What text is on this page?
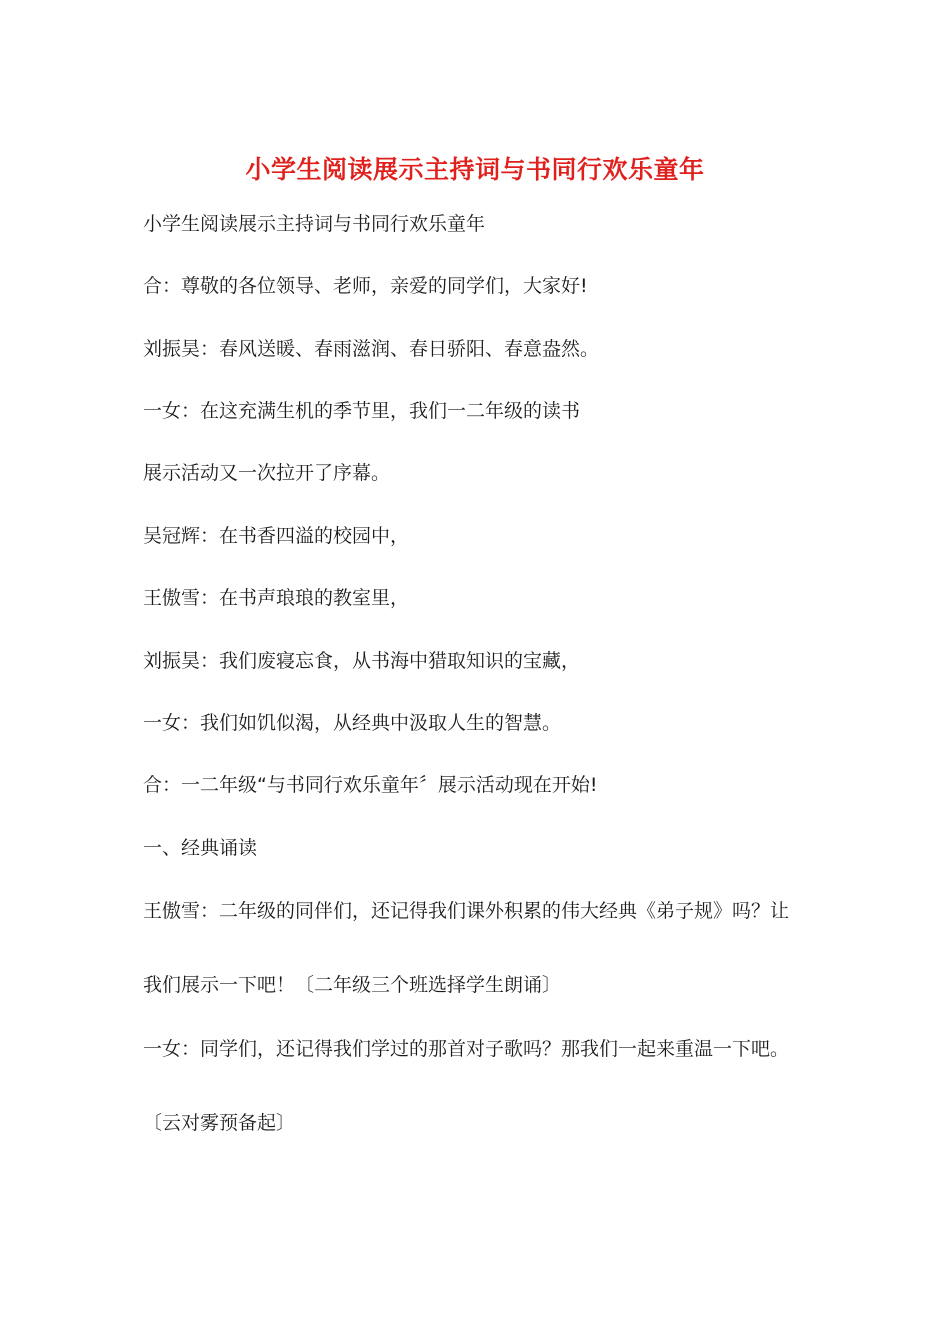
小学生阅读展示主持词与书同行欢乐童年
小学生阅读展示主持词与书同行欢乐童年
合：尊敬的各位领导、老师，亲爱的同学们，大家好!
刘振昊：春风送暖、春雨滋润、春日骄阳、春意盎然。
一女：在这充满生机的季节里，我们一二年级的读书
展示活动又一次拉开了序幕。
吴冠辉：在书香四溢的校园中，
王傲雪：在书声琅琅的教室里，
刘振昊：我们废寝忘食，从书海中猎取知识的宝藏，
一女：我们如饥似渴，从经典中汲取人生的智慧。
合：一二年级“与书同行欢乐童年〞展示活动现在开始!
一、经典诵读
王傲雪：二年级的同伴们，还记得我们课外积累的伟大经典《弟子规》吗？让
我们展示一下吧！〔二年级三个班选择学生朗诵〕
一女：同学们，还记得我们学过的那首对子歌吗？那我们一起来重温一下吧。
〔云对雾预备起〕
